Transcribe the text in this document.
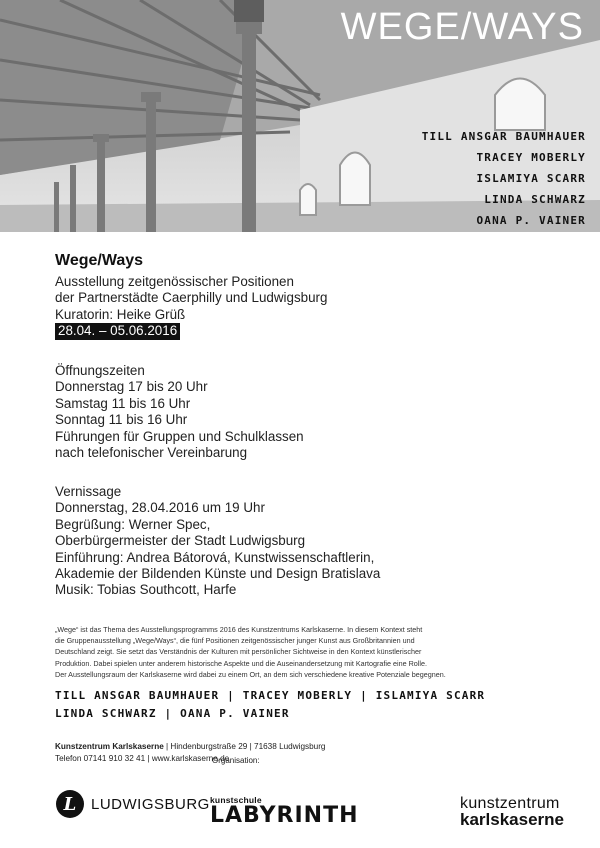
WEGE/WAYS
TILL ANSGAR BAUMHAUER
TRACEY MOBERLY
ISLAMIYA SCARR
LINDA SCHWARZ
OANA P. VAINER
Wege/Ways
Ausstellung zeitgenössischer Positionen
der Partnerstädte Caerphilly und Ludwigsburg
Kuratorin: Heike Grüß
28.04. – 05.06.2016
Öffnungszeiten
Donnerstag 17 bis 20 Uhr
Samstag 11 bis 16 Uhr
Sonntag 11 bis 16 Uhr
Führungen für Gruppen und Schulklassen
nach telefonischer Vereinbarung
Vernissage
Donnerstag, 28.04.2016 um 19 Uhr
Begrüßung: Werner Spec,
Oberbürgermeister der Stadt Ludwigsburg
Einführung: Andrea Bátorová, Kunstwissenschaftlerin,
Akademie der Bildenden Künste und Design Bratislava
Musik: Tobias Southcott, Harfe
„Wege“ ist das Thema des Ausstellungsprogramms 2016 des Kunstzentrums Karlskaserne. In diesem Kontext steht
die Gruppenausstellung „Wege/Ways“, die fünf Positionen zeitgenössischer junger Kunst aus Großbritannien und
Deutschland zeigt. Sie setzt das Verständnis der Kulturen mit persönlicher Sichtweise in den Kontext künstlerischer
Produktion. Dabei spielen unter anderem historische Aspekte und die Auseinandersetzung mit Kartografie eine Rolle.
Der Ausstellungsraum der Karlskaserne wird dabei zu einem Ort, an dem sich verschiedene kreative Potenziale begegnen.
TILL ANSGAR BAUMHAUER | TRACEY MOBERLY | ISLAMIYA SCARR
LINDA SCHWARZ | OANA P. VAINER
Kunstzentrum Karlskaserne | Hindenburgstraße 29 | 71638 Ludwigsburg
Telefon 07141 910 32 41 | www.karlskaserne.de
L LUDWIGSBURG
Organisation:
kunstschule
LABYRINTH	kunstzentrum
karlskaserne
